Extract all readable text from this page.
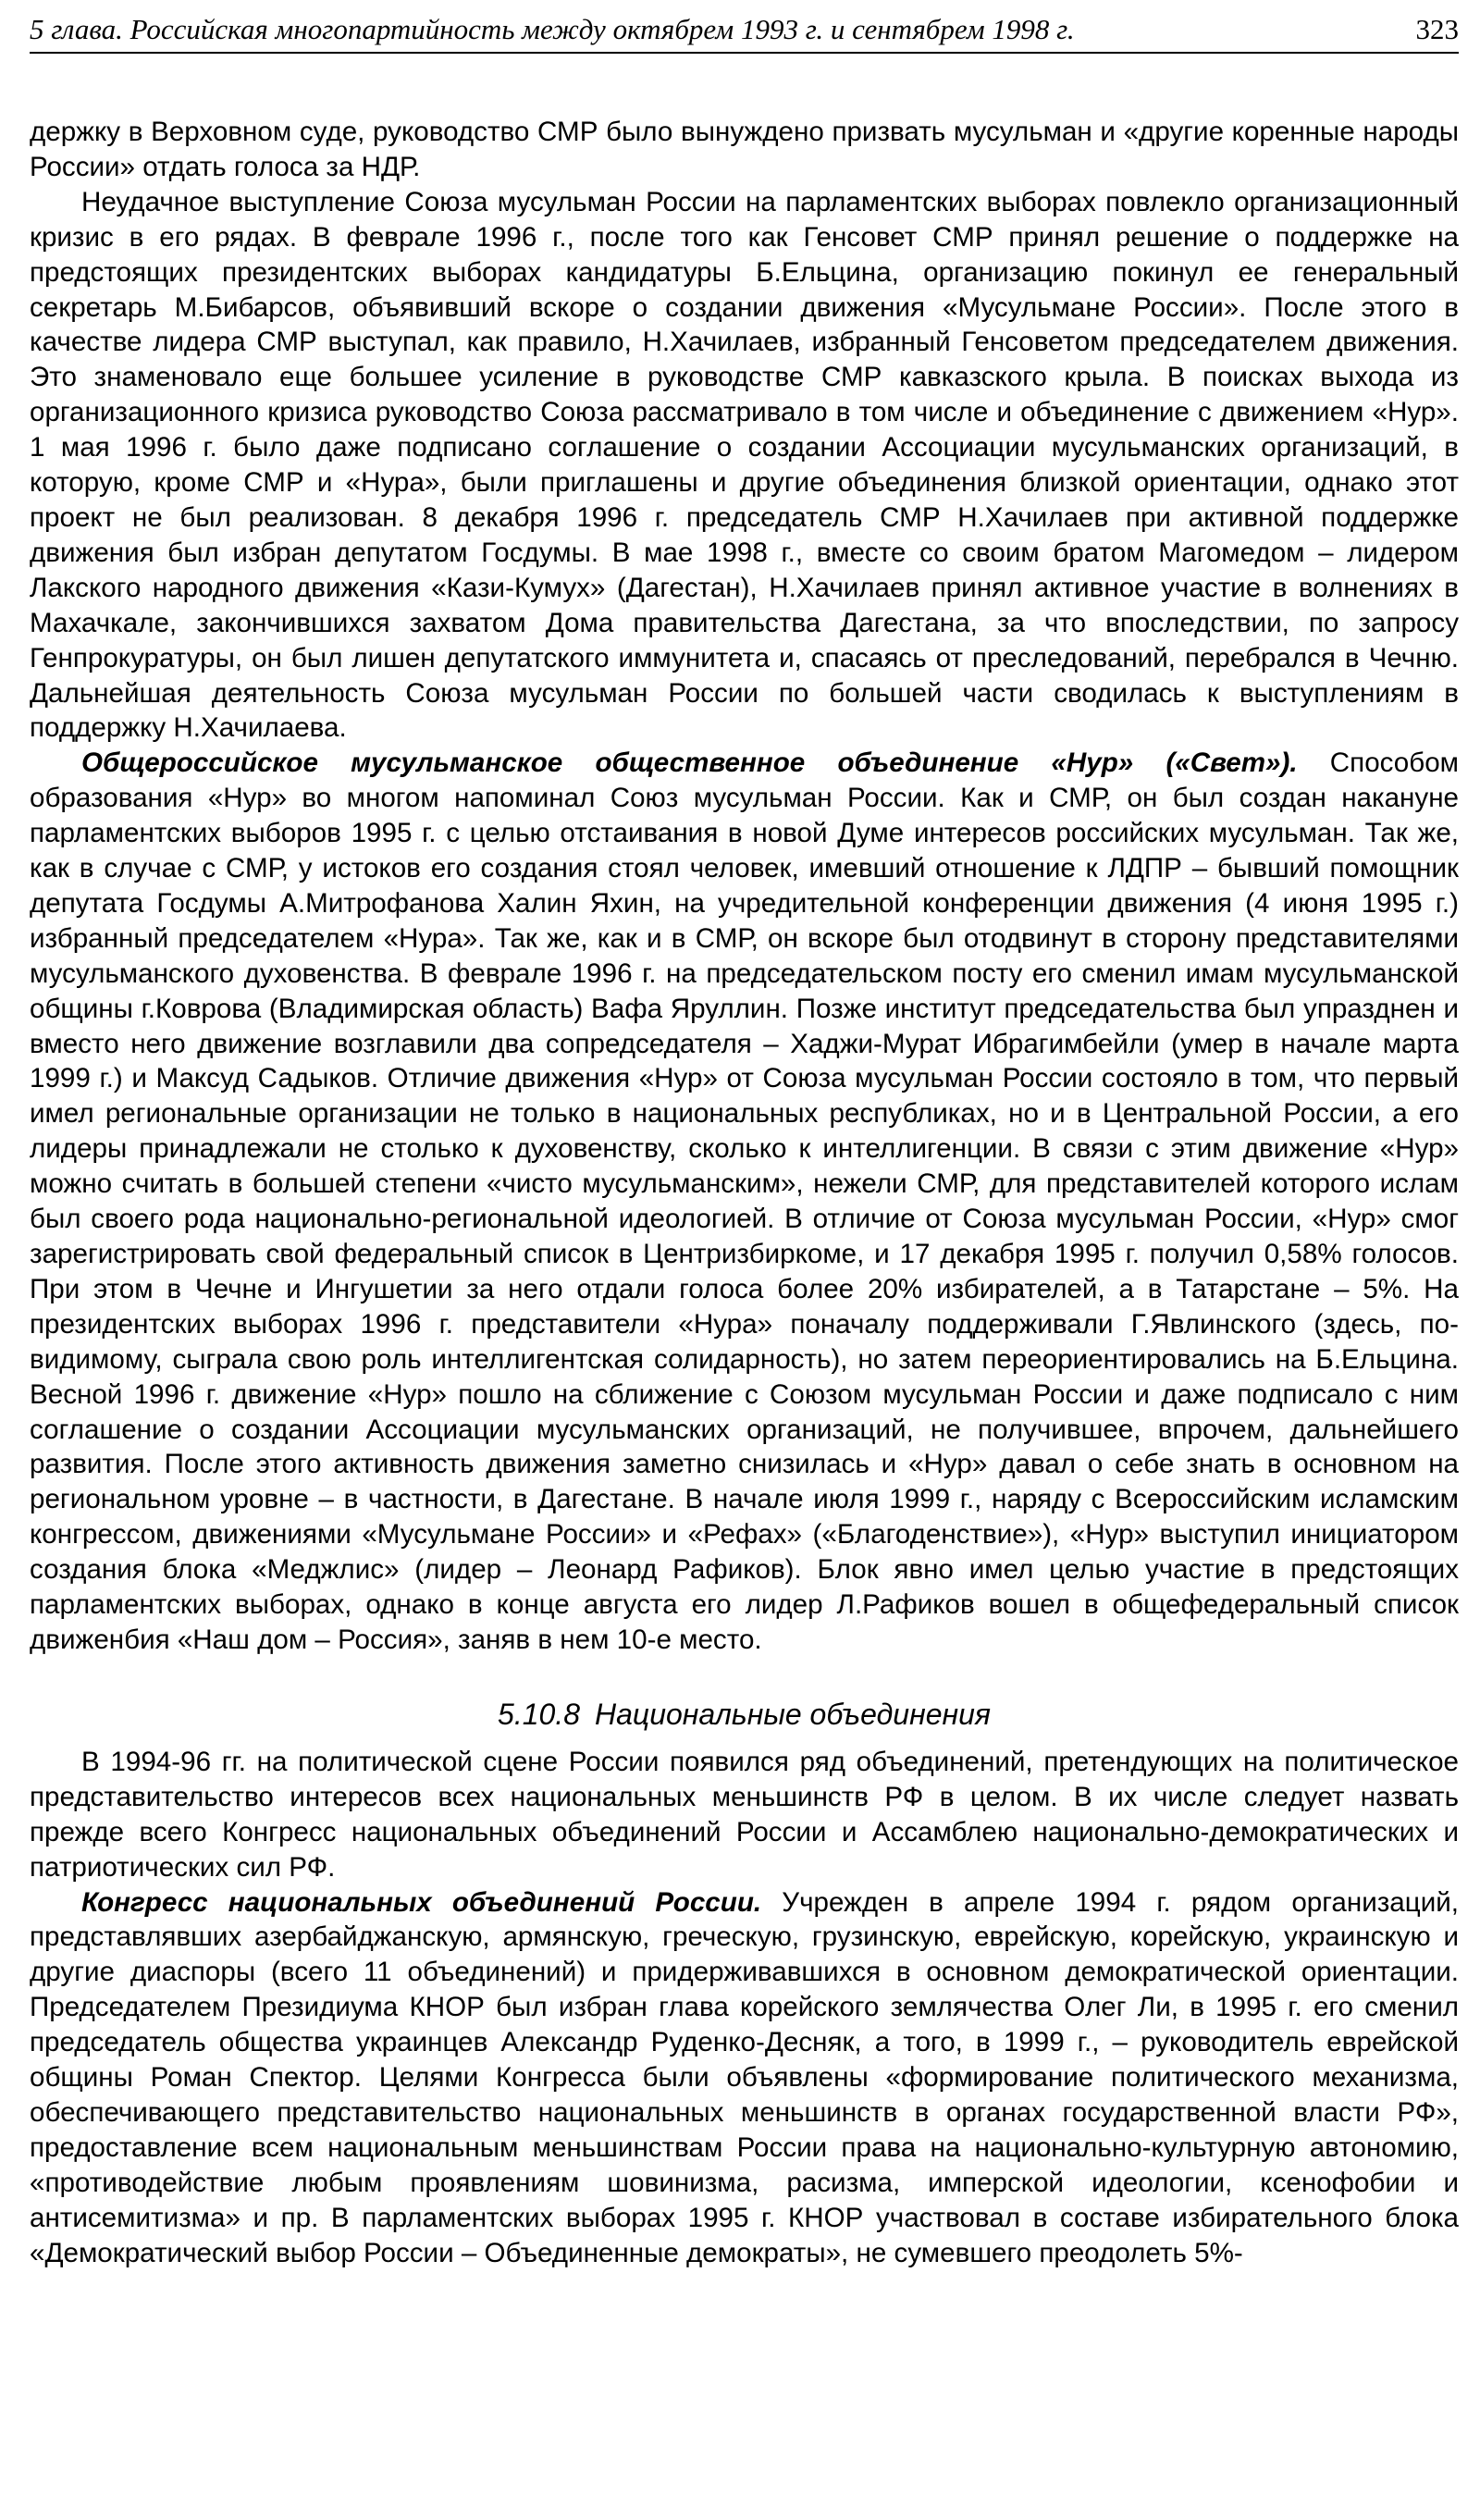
5 глава. Российская многопартийность между октябрем 1993 г. и сентябрем 1998 г.	323

держку в Верховном суде, руководство СМР было вынуждено призвать мусульман и «другие коренные народы России» отдать голоса за НДР.

Неудачное выступление Союза мусульман России на парламентских выборах повлекло организационный кризис в его рядах. В феврале 1996 г., после того как Генсовет СМР принял решение о поддержке на предстоящих президентских выборах кандидатуры Б.Ельцина, организацию покинул ее генеральный секретарь М.Бибарсов, объявивший вскоре о создании движения «Мусульмане России». После этого в качестве лидера СМР выступал, как правило, Н.Хачилаев, избранный Генсоветом председателем движения. Это знаменовало еще большее усиление в руководстве СМР кавказского крыла. В поисках выхода из организационного кризиса руководство Союза рассматривало в том числе и объединение с движением «Нур». 1 мая 1996 г. было даже подписано соглашение о создании Ассоциации мусульманских организаций, в которую, кроме СМР и «Нура», были приглашены и другие объединения близкой ориентации, однако этот проект не был реализован. 8 декабря 1996 г. председатель СМР Н.Хачилаев при активной поддержке движения был избран депутатом Госдумы. В мае 1998 г., вместе со своим братом Магомедом – лидером Лакского народного движения «Кази-Кумух» (Дагестан), Н.Хачилаев принял активное участие в волнениях в Махачкале, закончившихся захватом Дома правительства Дагестана, за что впоследствии, по запросу Генпрокуратуры, он был лишен депутатского иммунитета и, спасаясь от преследований, перебрался в Чечню. Дальнейшая деятельность Союза мусульман России по большей части сводилась к выступлениям в поддержку Н.Хачилаева.

Общероссийское мусульманское общественное объединение «Нур» («Свет»). Способом образования «Нур» во многом напоминал Союз мусульман России. Как и СМР, он был создан накануне парламентских выборов 1995 г. с целью отстаивания в новой Думе интересов российских мусульман. Так же, как в случае с СМР, у истоков его создания стоял человек, имевший отношение к ЛДПР – бывший помощник депутата Госдумы А.Митрофанова Халин Яхин, на учредительной конференции движения (4 июня 1995 г.) избранный председателем «Нура». Так же, как и в СМР, он вскоре был отодвинут в сторону представителями мусульманского духовенства. В феврале 1996 г. на председательском посту его сменил имам мусульманской общины г.Коврова (Владимирская область) Вафа Яруллин. Позже институт председательства был упразднен и вместо него движение возглавили два сопредседателя – Хаджи-Мурат Ибрагимбейли (умер в начале марта 1999 г.) и Максуд Садыков. Отличие движения «Нур» от Союза мусульман России состояло в том, что первый имел региональные организации не только в национальных республиках, но и в Центральной России, а его лидеры принадлежали не столько к духовенству, сколько к интеллигенции. В связи с этим движение «Нур» можно считать в большей степени «чисто мусульманским», нежели СМР, для представителей которого ислам был своего рода национально-региональной идеологией. В отличие от Союза мусульман России, «Нур» смог зарегистрировать свой федеральный список в Центризбиркоме, и 17 декабря 1995 г. получил 0,58% голосов. При этом в Чечне и Ингушетии за него отдали голоса более 20% избирателей, а в Татарстане – 5%. На президентских выборах 1996 г. представители «Нура» поначалу поддерживали Г.Явлинского (здесь, по-видимому, сыграла свою роль интеллигентская солидарность), но затем переориентировались на Б.Ельцина. Весной 1996 г. движение «Нур» пошло на сближение с Союзом мусульман России и даже подписало с ним соглашение о создании Ассоциации мусульманских организаций, не получившее, впрочем, дальнейшего развития. После этого активность движения заметно снизилась и «Нур» давал о себе знать в основном на региональном уровне – в частности, в Дагестане. В начале июля 1999 г., наряду с Всероссийским исламским конгрессом, движениями «Мусульмане России» и «Рефах» («Благоденствие»), «Нур» выступил инициатором создания блока «Меджлис» (лидер – Леонард Рафиков). Блок явно имел целью участие в предстоящих парламентских выборах, однако в конце августа его лидер Л.Рафиков вошел в общефедеральный список движенбия «Наш дом – Россия», заняв в нем 10-е место.

5.10.8 Национальные объединения

В 1994-96 гг. на политической сцене России появился ряд объединений, претендующих на политическое представительство интересов всех национальных меньшинств РФ в целом. В их числе следует назвать прежде всего Конгресс национальных объединений России и Ассамблею национально-демократических и патриотических сил РФ.

Конгресс национальных объединений России. Учрежден в апреле 1994 г. рядом организаций, представлявших азербайджанскую, армянскую, греческую, грузинскую, еврейскую, корейскую, украинскую и другие диаспоры (всего 11 объединений) и придерживавшихся в основном демократической ориентации. Председателем Президиума КНОР был избран глава корейского землячества Олег Ли, в 1995 г. его сменил председатель общества украинцев Александр Руденко-Десняк, а того, в 1999 г., – руководитель еврейской общины Роман Спектор. Целями Конгресса были объявлены «формирование политического механизма, обеспечивающего представительство национальных меньшинств в органах государственной власти РФ», предоставление всем национальным меньшинствам России права на национально-культурную автономию, «противодействие любым проявлениям шовинизма, расизма, имперской идеологии, ксенофобии и антисемитизма» и пр. В парламентских выборах 1995 г. КНОР участвовал в составе избирательного блока «Демократический выбор России – Объединенные демократы», не сумевшего преодолеть 5%-
